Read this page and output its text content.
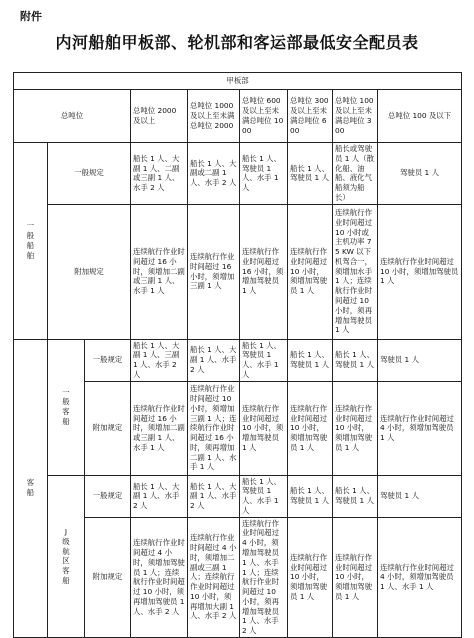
附件
内河船舶甲板部、轮机部和客运部最低安全配员表
甲板部								
总吨位			总吨位 2000 及以上	总吨位 1000 及以上至未满总吨位 2000	总吨位 600 及以上至未满总吨位 1000	总吨位 300 及以上至未满总吨位 600	总吨位 100 及以上至未满总吨位 300	总吨位 100 及以下

一般船舶	一般规定		船长 1 人、大副 1 人、二副或三副 1 人、水手 2 人	船长 1 人、大副或二副 1 人、水手 2 人	船长 1 人、驾驶员 1 人、水手 1 人	船长 1 人、驾驶员 1 人	船长或驾驶员 1 人（散化船、油船、液化气船须为船长）	驾驶员 1 人
	附加规定		连续航行作业时间超过 16 小时，须增加二副或三副 1 人、水手 1 人	连续航行作业时间超过 16 小时，须增加三副 1 人	连续航行作业时间超过 16 小时，须增加驾驶员 1 人	连续航行作业时间超过 10 小时，须增加驾驶员 1 人	连续航行作业时间超过 10 小时或主机功率 75 KW 以下机驾合一，须增加水手 1 人；连续航行作业时间超过 10 小时，须再增加驾驶员 1 人	连续航行作业时间超过 10 小时，须增加驾驶员 1 人

客船	一般客船	一般规定	船长 1 人、大副 1 人、三副 1 人、水手 2 人	船长 1 人、大副 1 人、水手 2 人	船长 1 人、驾驶员 1 人、水手 1 人	船长 1 人、驾驶员 1 人	船长 1 人、驾驶员 1 人	驾驶员 1 人
		附加规定	连续航行作业时间超过 16 小时，须增加二副或三副 1 人、水手 1 人	连续航行作业时间超过 10 小时，须增加三副 1 人；连续航行作业时间超过 16 小时，须再增加二副 1 人、水手 1 人	连续航行作业时间超过 10 小时，须增加驾驶员 1 人	连续航行作业时间超过 10 小时，须增加驾驶员 1 人	连续航行作业时间超过 10 小时，须增加驾驶员 1 人	连续航行作业时间超过 4 小时，须增加驾驶员 1 人

	J 级航区客船	一般规定	船长 1 人、大副 1 人、水手 2 人	船长 1 人、大副 1 人、水手 2 人	船长 1 人、驾驶员 1 人、水手 1 人	船长 1 人、驾驶员 1 人	船长 1 人、驾驶员 1 人	驾驶员 1 人
		附加规定	连续航行作业时间超过 4 小时，须增加驾驶员 1 人；连续航行作业时间超过 10 小时，须再增加驾驶员 1 人、水手 2 人	连续航行作业时间超过 4 小时，须增加二副或三副 1 人；连续航行作业时间超过 10 小时，须再增加大副 1 人、水手 2 人	连续航行作业时间超过 4 小时，须增加驾驶员 1 人、水手 1 人；连续航行作业时间超过 10 小时，须再增加驾驶员 1 人、水手 2 人	连续航行作业时间超过 10 小时，须增加驾驶员 1 人	连续航行作业时间超过 10 小时，须增加驾驶员 1 人	连续航行作业时间超过 4 小时，须增加驾驶员 1 人、水手 1 人
